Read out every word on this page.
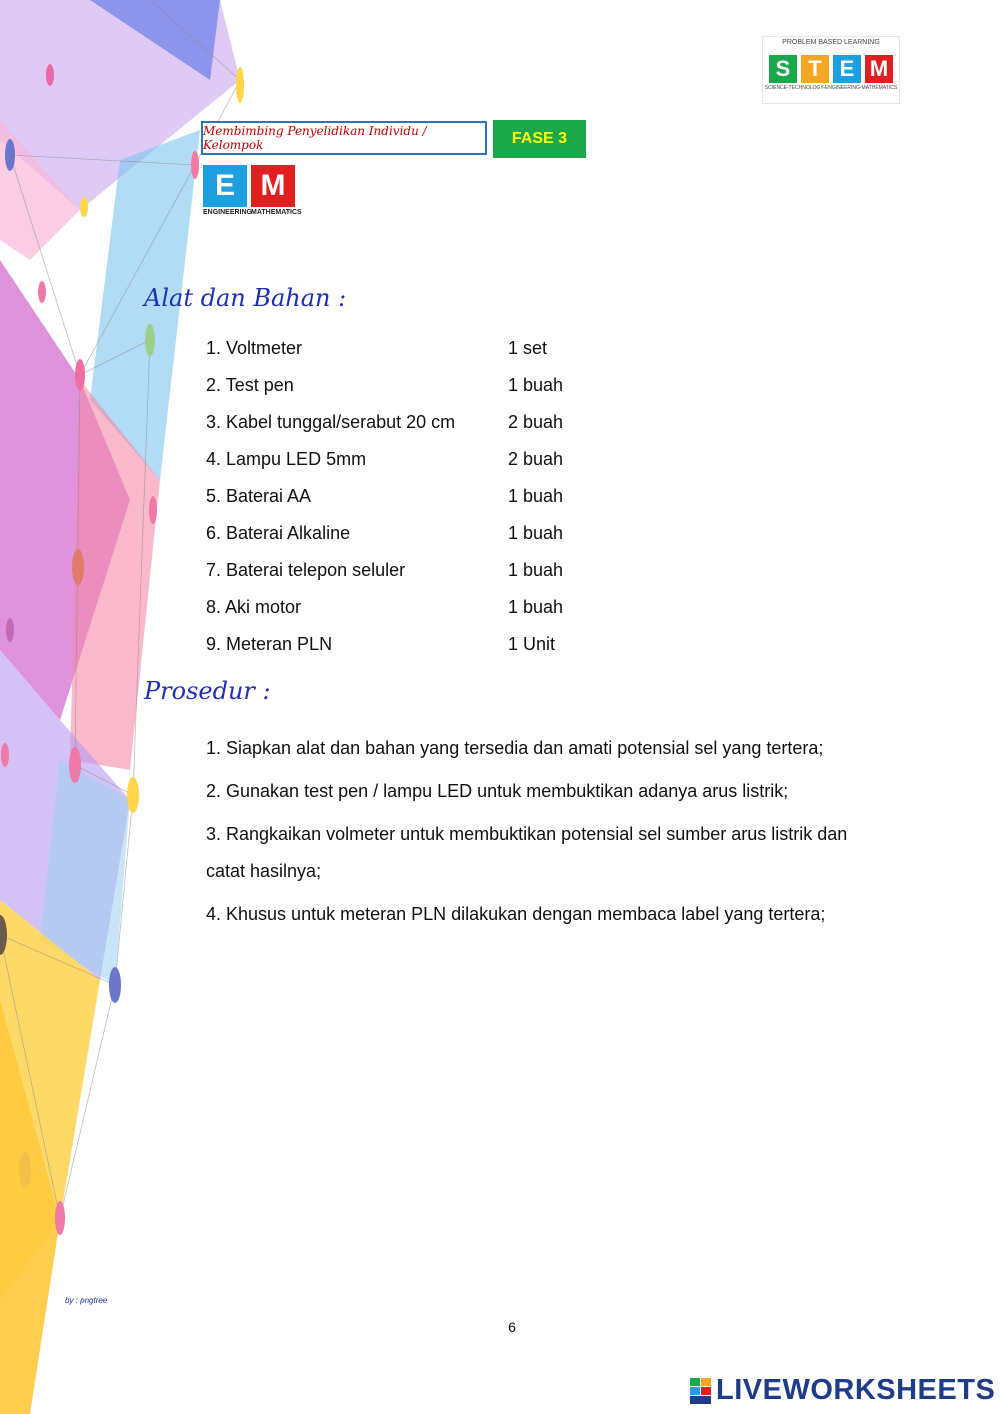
PROBLEM BASED LEARNING
S T E M
SCIENCE-TECHNOLOGY-ENGINEERING-MATHEMATICS
Membimbing Penyelidikan Individu / Kelompok	FASE 3
E M
ENGINEERING
MATHEMATICS
Alat dan Bahan :
1. Voltmeter	1 set
2. Test pen	1 buah
3. Kabel tunggal/serabut 20 cm	2 buah
4. Lampu LED 5mm	2 buah
5. Baterai AA	1 buah
6. Baterai Alkaline	1 buah
7. Baterai telepon seluler	1 buah
8. Aki motor	1 buah
9. Meteran PLN	1 Unit
Prosedur :
1. Siapkan alat dan bahan yang tersedia dan amati potensial sel yang tertera;
2. Gunakan test pen / lampu LED untuk membuktikan adanya arus listrik;
3. Rangkaikan volmeter untuk membuktikan potensial sel sumber arus listrik dan catat hasilnya;
4. Khusus untuk meteran PLN dilakukan dengan membaca label yang tertera;
by : pngtree
6
LIVEWORKSHEETS
